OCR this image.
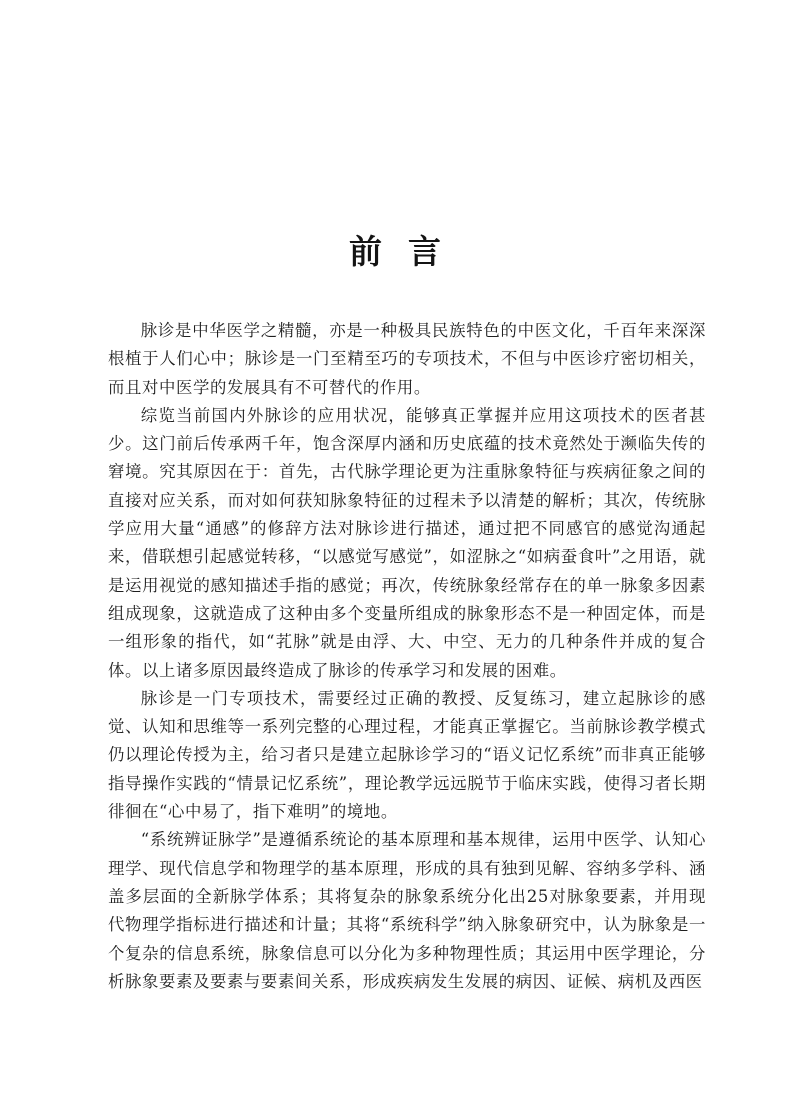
前言

脉诊是中华医学之精髓，亦是一种极具民族特色的中医文化，千百年来深深根植于人们心中；脉诊是一门至精至巧的专项技术，不但与中医诊疗密切相关，而且对中医学的发展具有不可替代的作用。

综览当前国内外脉诊的应用状况，能够真正掌握并应用这项技术的医者甚少。这门前后传承两千年，饱含深厚内涵和历史底蕴的技术竟然处于濒临失传的窘境。究其原因在于：首先，古代脉学理论更为注重脉象特征与疾病征象之间的直接对应关系，而对如何获知脉象特征的过程未予以清楚的解析；其次，传统脉学应用大量“通感”的修辞方法对脉诊进行描述，通过把不同感官的感觉沟通起来，借联想引起感觉转移，“以感觉写感觉”，如涩脉之“如病蚕食叶”之用语，就是运用视觉的感知描述手指的感觉；再次，传统脉象经常存在的单一脉象多因素组成现象，这就造成了这种由多个变量所组成的脉象形态不是一种固定体，而是一组形象的指代，如“芤脉”就是由浮、大、中空、无力的几种条件并成的复合体。以上诸多原因最终造成了脉诊的传承学习和发展的困难。

脉诊是一门专项技术，需要经过正确的教授、反复练习，建立起脉诊的感觉、认知和思维等一系列完整的心理过程，才能真正掌握它。当前脉诊教学模式仍以理论传授为主，给习者只是建立起脉诊学习的“语义记忆系统”而非真正能够指导操作实践的“情景记忆系统”，理论教学远远脱节于临床实践，使得习者长期徘徊在“心中易了，指下难明”的境地。

“系统辨证脉学”是遵循系统论的基本原理和基本规律，运用中医学、认知心理学、现代信息学和物理学的基本原理，形成的具有独到见解、容纳多学科、涵盖多层面的全新脉学体系；其将复杂的脉象系统分化出25对脉象要素，并用现代物理学指标进行描述和计量；其将“系统科学”纳入脉象研究中，认为脉象是一个复杂的信息系统，脉象信息可以分化为多种物理性质；其运用中医学理论，分析脉象要素及要素与要素间关系，形成疾病发生发展的病因、证候、病机及西医
